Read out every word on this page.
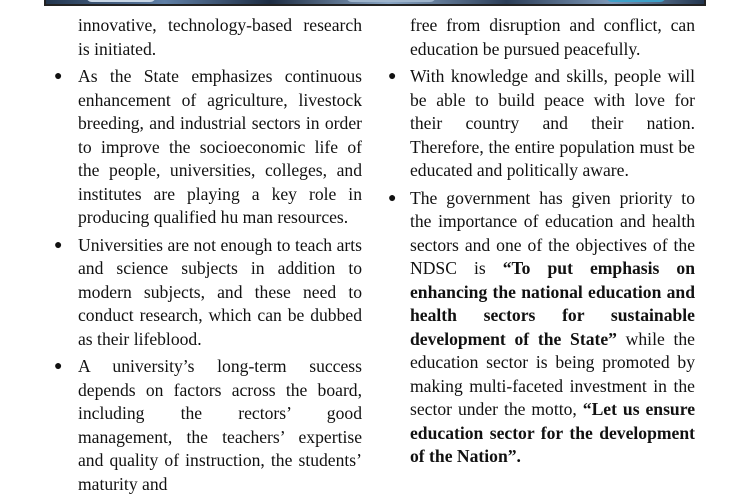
innovative, technology-based research is initiated.
● As the State emphasizes continuous enhancement of agriculture, livestock breeding, and industrial sectors in order to improve the socioeconomic life of the people, universities, colleges, and institutes are playing a key role in producing qualified hu man resources.
● Universities are not enough to teach arts and science subjects in addition to modern subjects, and these need to conduct research, which can be dubbed as their lifeblood.
● A university’s long-term success depends on factors across the board, including the rectors’ good management, the teachers’ expertise and quality of instruction, the students’ maturity and
free from disruption and conflict, can education be pursued peacefully.
● With knowledge and skills, people will be able to build peace with love for their country and their nation. Therefore, the entire population must be educated and politically aware.
● The government has given priority to the importance of education and health sectors and one of the objectives of the NDSC is “To put emphasis on enhancing the national education and health sectors for sustainable development of the State” while the education sector is being promoted by making multi-faceted investment in the sector under the motto, “Let us ensure education sector for the development of the Nation”.
